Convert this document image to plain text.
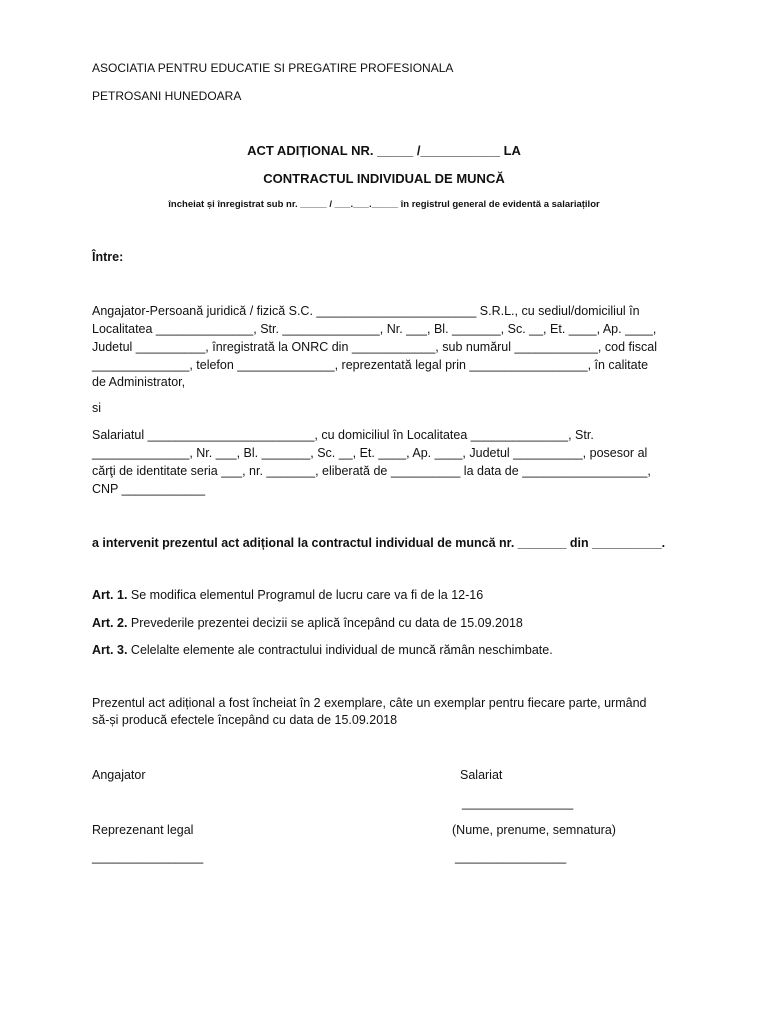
ASOCIATIA PENTRU EDUCATIE SI PREGATIRE PROFESIONALA
PETROSANI HUNEDOARA
ACT ADIȚIONAL NR. _____ /___________ LA
CONTRACTUL INDIVIDUAL DE MUNCĂ
încheiat și înregistrat sub nr. _____ / ___.___._____ în registrul general de evidentă a salariaților
Între:
Angajator-Persoană juridică / fizică S.C. _______________________ S.R.L., cu sediul/domiciliul în
Localitatea ______________, Str. ______________, Nr. ___, Bl. _______, Sc. __, Et. ____, Ap. ____,
Judetul __________, înregistrată la ONRC din ____________, sub numărul ____________, cod fiscal
______________, telefon ______________, reprezentată legal prin _________________, în calitate
de Administrator,
si
Salariatul ________________________, cu domiciliul în Localitatea ______________, Str.
______________, Nr. ___, Bl. _______, Sc. __, Et. ____, Ap. ____, Judetul __________, posesor al
cărţi de identitate seria ___, nr. _______, eliberată de __________ la data de __________________,
CNP ____________
a intervenit prezentul act adițional la contractul individual de muncă nr. _______ din __________.
Art. 1. Se modifica elementul Programul de lucru care va fi de la 12-16
Art. 2. Prevederile prezentei decizii se aplică începând cu data de 15.09.2018
Art. 3. Celelalte elemente ale contractului individual de muncă rămân neschimbate.
Prezentul act adițional a fost încheiat în 2 exemplare, câte un exemplar pentru fiecare parte, urmând
să-și producă efectele începând cu data de 15.09.2018
Angajator
Reprezenant legal
________________
Salariat
________________
(Nume, prenume, semnatura)
________________
